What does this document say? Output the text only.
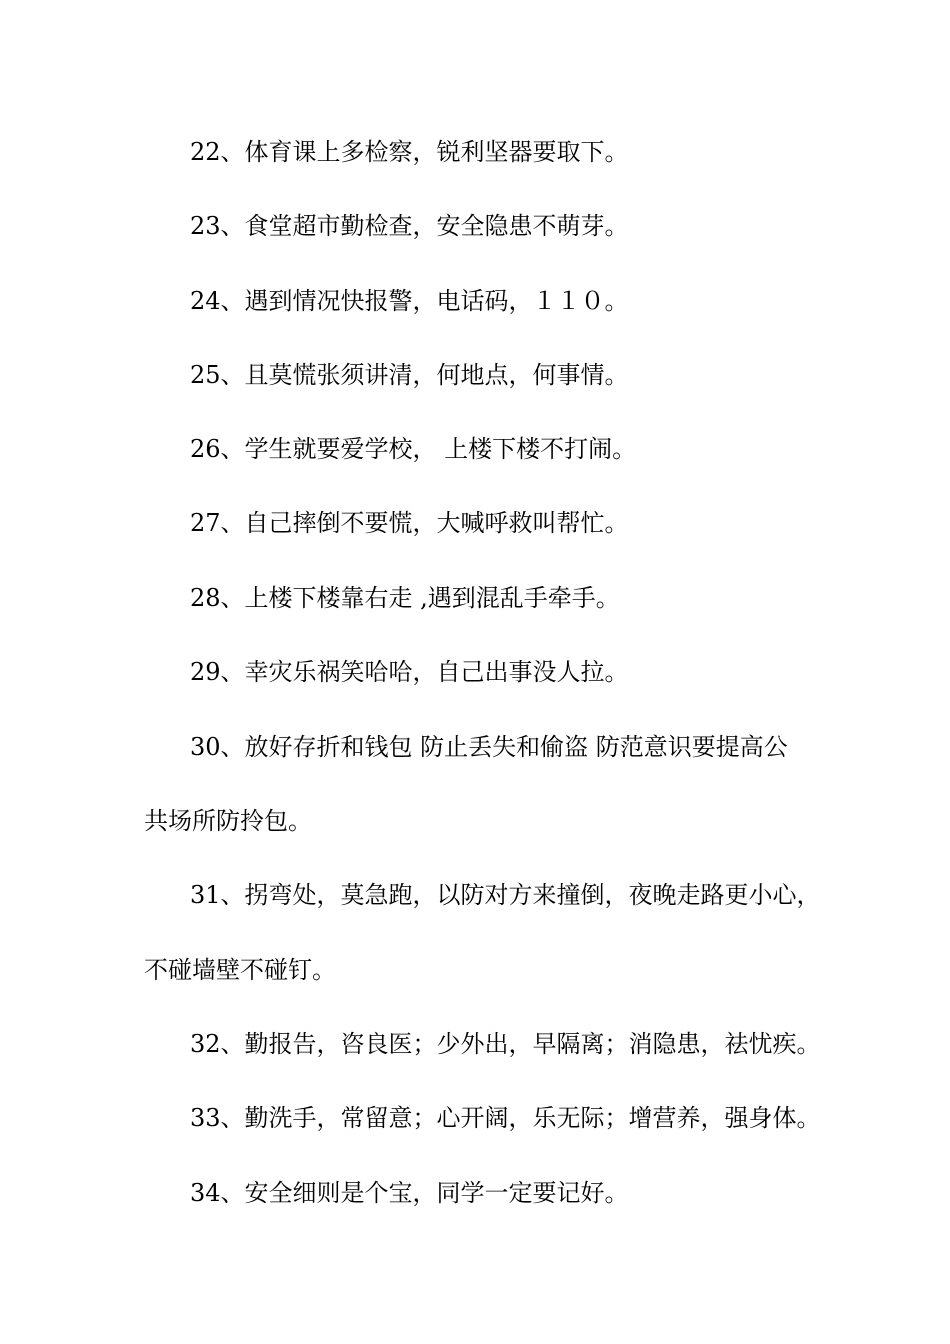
22、体育课上多检察，锐利坚器要取下。
23、食堂超市勤检查，安全隐患不萌芽。
24、遇到情况快报警，电话码，１１０。
25、且莫慌张须讲清，何地点，何事情。
26、学生就要爱学校， 上楼下楼不打闹。
27、自己摔倒不要慌，大喊呼救叫帮忙。
28、上楼下楼靠右走 ,遇到混乱手牵手。
29、幸灾乐祸笑哈哈，自己出事没人拉。
30、放好存折和钱包 防止丢失和偷盗 防范意识要提高公
共场所防拎包。
31、拐弯处，莫急跑，以防对方来撞倒，夜晚走路更小心，
不碰墙壁不碰钉。
32、勤报告，咨良医；少外出，早隔离；消隐患，祛忧疾。
33、勤洗手，常留意；心开阔，乐无际；增营养，强身体。
34、安全细则是个宝，同学一定要记好。
